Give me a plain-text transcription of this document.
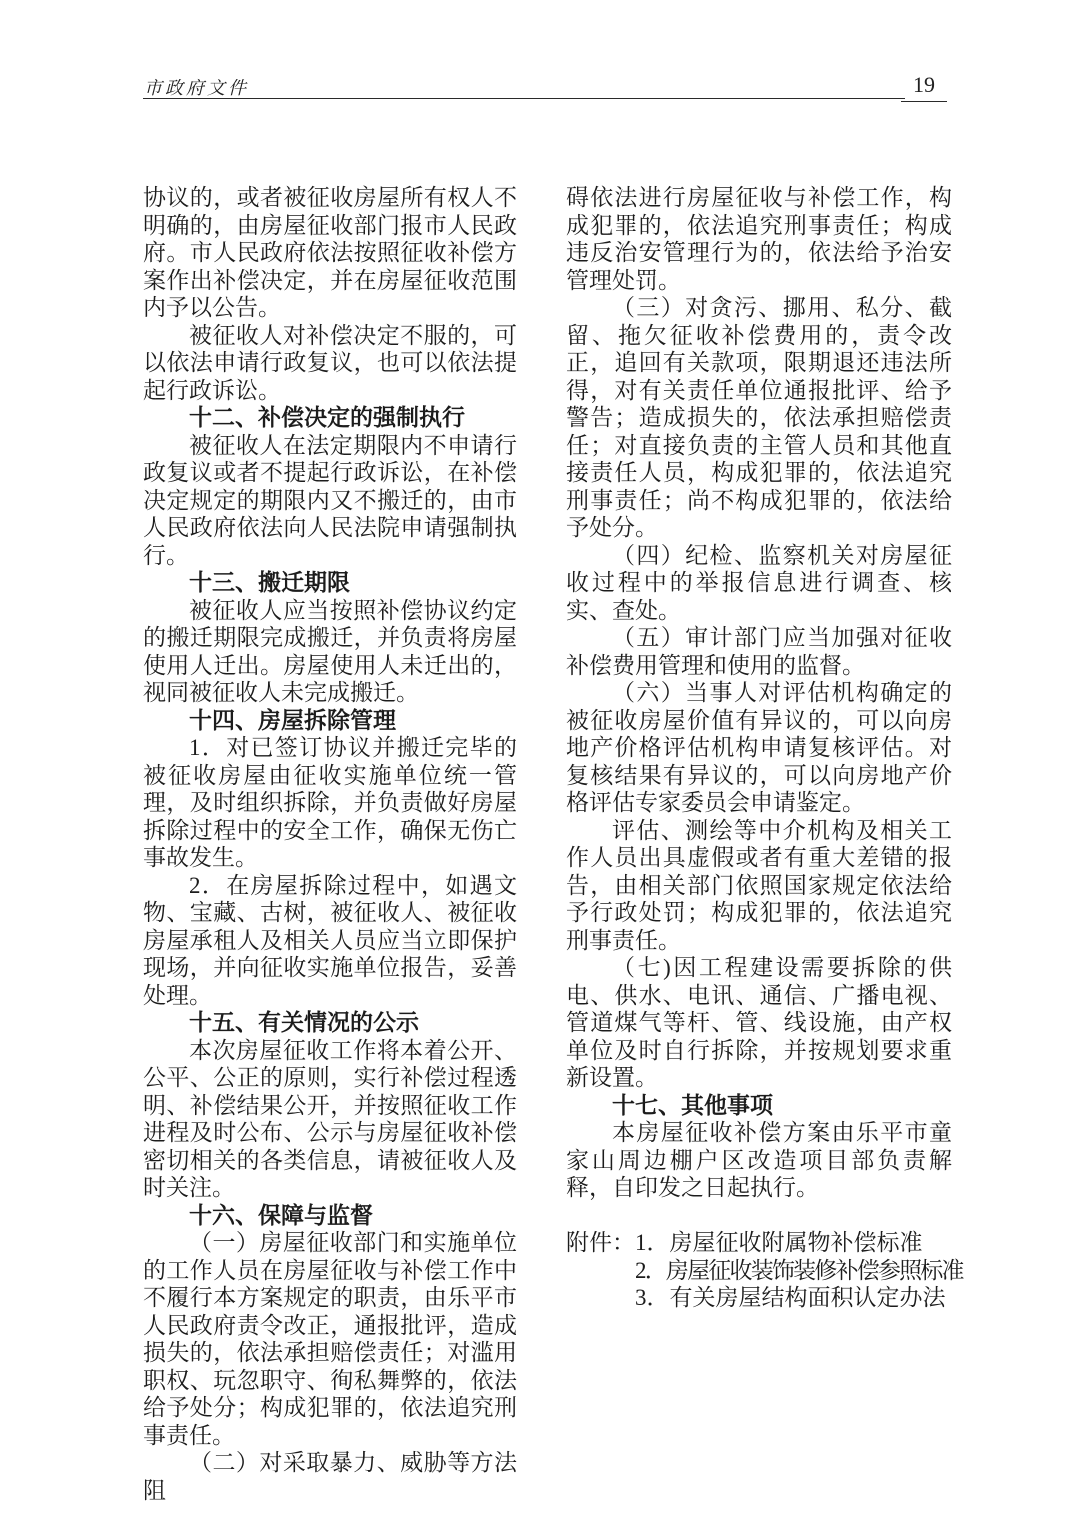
市政府文件	19

协议的，或者被征收房屋所有权人不明确的，由房屋征收部门报市人民政府。市人民政府依法按照征收补偿方案作出补偿决定，并在房屋征收范围内予以公告。

被征收人对补偿决定不服的，可以依法申请行政复议，也可以依法提起行政诉讼。

十二、补偿决定的强制执行

被征收人在法定期限内不申请行政复议或者不提起行政诉讼，在补偿决定规定的期限内又不搬迁的，由市人民政府依法向人民法院申请强制执行。

十三、搬迁期限

被征收人应当按照补偿协议约定的搬迁期限完成搬迁，并负责将房屋使用人迁出。房屋使用人未迁出的，视同被征收人未完成搬迁。

十四、房屋拆除管理

1．对已签订协议并搬迁完毕的被征收房屋由征收实施单位统一管理，及时组织拆除，并负责做好房屋拆除过程中的安全工作，确保无伤亡事故发生。

2．在房屋拆除过程中，如遇文物、宝藏、古树，被征收人、被征收房屋承租人及相关人员应当立即保护现场，并向征收实施单位报告，妥善处理。

十五、有关情况的公示

本次房屋征收工作将本着公开、公平、公正的原则，实行补偿过程透明、补偿结果公开，并按照征收工作进程及时公布、公示与房屋征收补偿密切相关的各类信息，请被征收人及时关注。

十六、保障与监督

（一）房屋征收部门和实施单位的工作人员在房屋征收与补偿工作中不履行本方案规定的职责，由乐平市人民政府责令改正，通报批评，造成损失的，依法承担赔偿责任；对滥用职权、玩忽职守、徇私舞弊的，依法给予处分；构成犯罪的，依法追究刑事责任。

（二）对采取暴力、威胁等方法阻

碍依法进行房屋征收与补偿工作，构成犯罪的，依法追究刑事责任；构成违反治安管理行为的，依法给予治安管理处罚。

（三）对贪污、挪用、私分、截留、拖欠征收补偿费用的，责令改正，追回有关款项，限期退还违法所得，对有关责任单位通报批评、给予警告；造成损失的，依法承担赔偿责任；对直接负责的主管人员和其他直接责任人员，构成犯罪的，依法追究刑事责任；尚不构成犯罪的，依法给予处分。

（四）纪检、监察机关对房屋征收过程中的举报信息进行调查、核实、查处。

（五）审计部门应当加强对征收补偿费用管理和使用的监督。

（六）当事人对评估机构确定的被征收房屋价值有异议的，可以向房地产价格评估机构申请复核评估。对复核结果有异议的，可以向房地产价格评估专家委员会申请鉴定。

评估、测绘等中介机构及相关工作人员出具虚假或者有重大差错的报告，由相关部门依照国家规定依法给予行政处罚；构成犯罪的，依法追究刑事责任。

（七)因工程建设需要拆除的供电、供水、电讯、通信、广播电视、管道煤气等杆、管、线设施，由产权单位及时自行拆除，并按规划要求重新设置。

十七、其他事项

本房屋征收补偿方案由乐平市童家山周边棚户区改造项目部负责解释，自印发之日起执行。

附件：1．房屋征收附属物补偿标准
2．房屋征收装饰装修补偿参照标准
3．有关房屋结构面积认定办法
